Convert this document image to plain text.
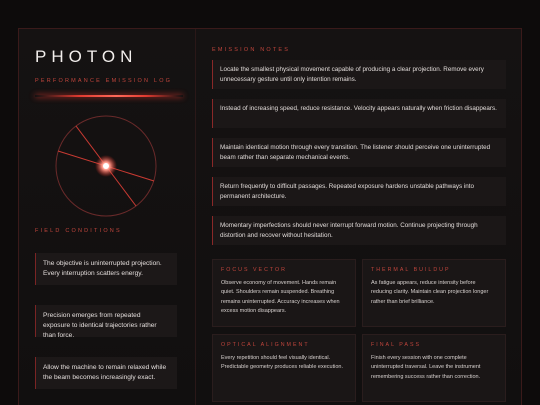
PHOTON
PERFORMANCE EMISSION LOG
FIELD CONDITIONS
The objective is uninterrupted projection. Every interruption scatters energy.
Precision emerges from repeated exposure to identical trajectories rather than force.
Allow the machine to remain relaxed while the beam becomes increasingly exact.
EMISSION NOTES
Locate the smallest physical movement capable of producing a clear projection. Remove every unnecessary gesture until only intention remains.
Instead of increasing speed, reduce resistance. Velocity appears naturally when friction disappears.
Maintain identical motion through every transition. The listener should perceive one uninterrupted beam rather than separate mechanical events.
Return frequently to difficult passages. Repeated exposure hardens unstable pathways into permanent architecture.
Momentary imperfections should never interrupt forward motion. Continue projecting through distortion and recover without hesitation.
FOCUS VECTOR
Observe economy of movement. Hands remain quiet. Shoulders remain suspended. Breathing remains uninterrupted. Accuracy increases when excess motion disappears.
THERMAL BUILDUP
As fatigue appears, reduce intensity before reducing clarity. Maintain clean projection longer rather than brief brilliance.
OPTICAL ALIGNMENT
Every repetition should feel visually identical. Predictable geometry produces reliable execution.
FINAL PASS
Finish every session with one complete uninterrupted traversal. Leave the instrument remembering success rather than correction.
